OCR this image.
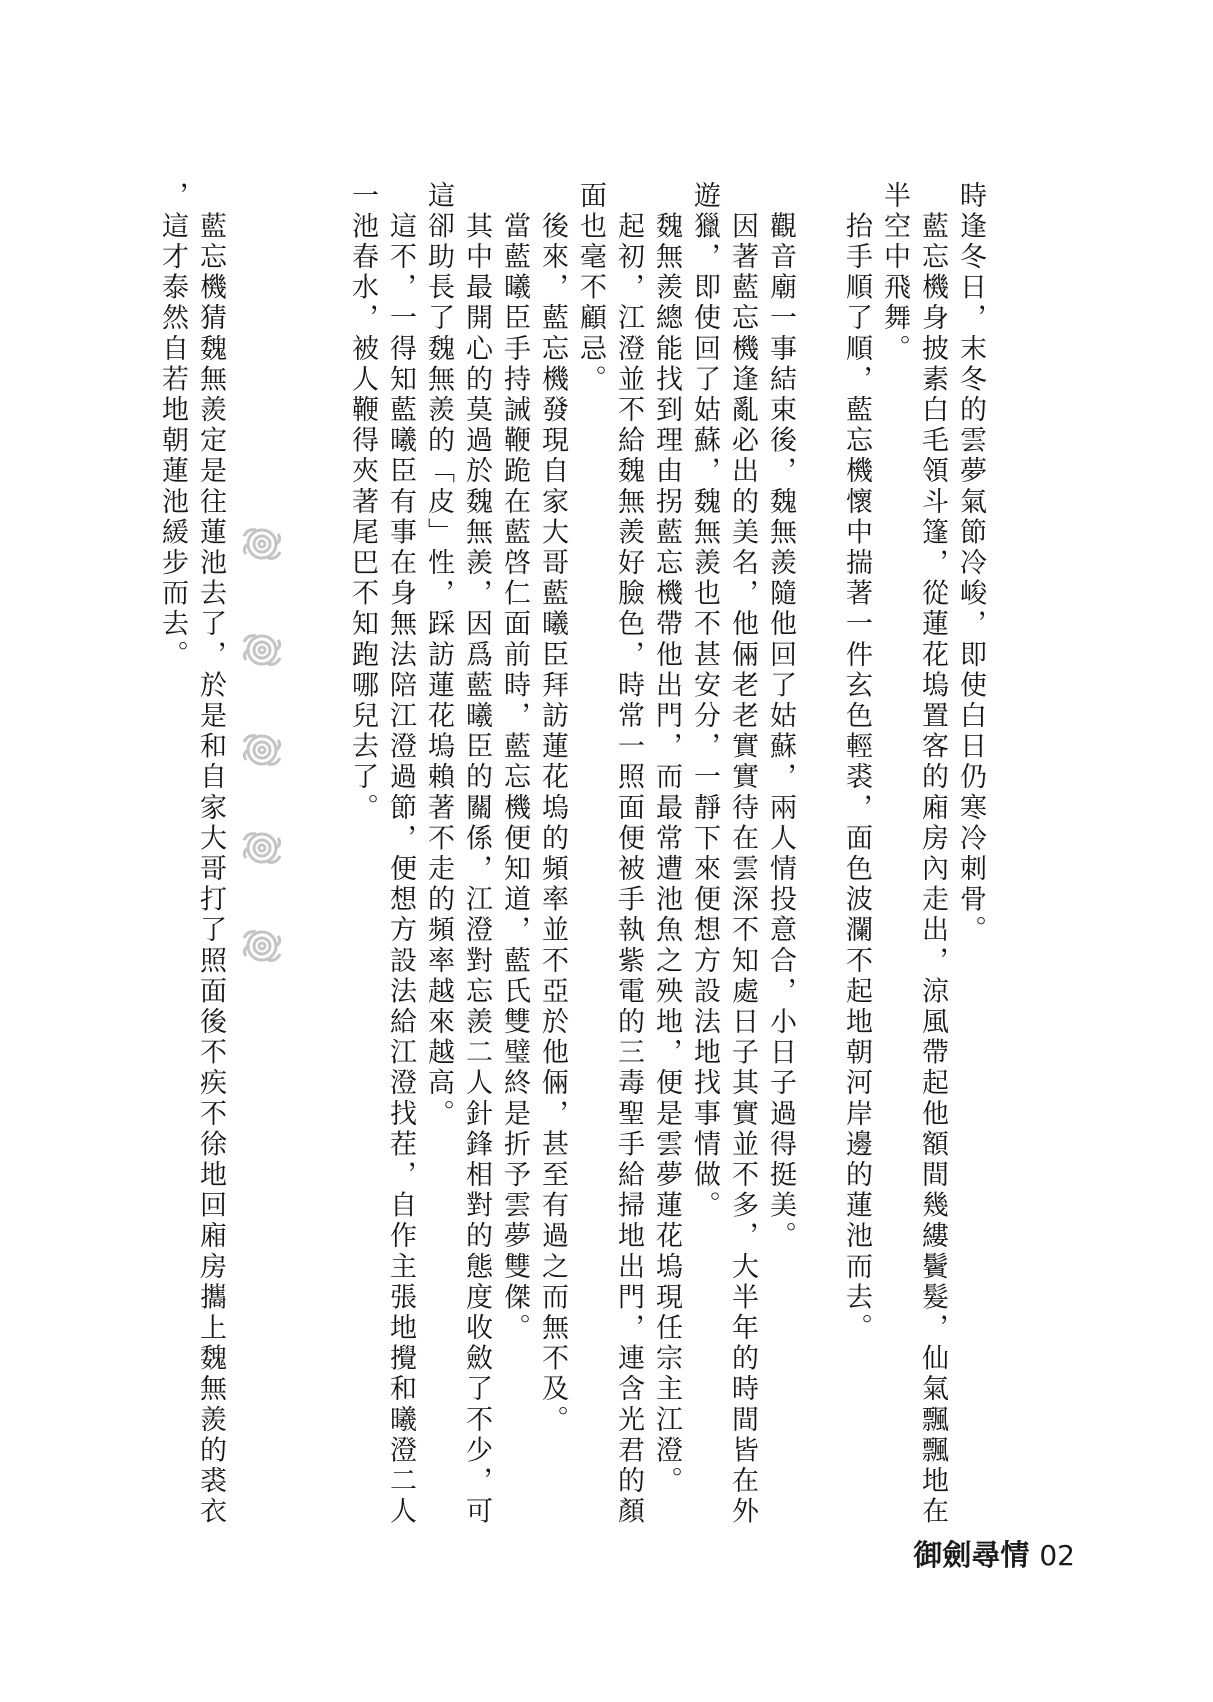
時逢冬日，末冬的雲夢氣節冷峻，即使白日仍寒冷刺骨。
　藍忘機身披素白毛領斗篷，從蓮花塢置客的廂房內走出，涼風帶起他額間幾縷鬢髮，仙氣飄飄地在
半空中飛舞。
　抬手順了順，藍忘機懷中揣著一件玄色輕裘，面色波瀾不起地朝河岸邊的蓮池而去。
　觀音廟一事結束後，魏無羨隨他回了姑蘇，兩人情投意合，小日子過得挺美。
　因著藍忘機逢亂必出的美名，他倆老老實實待在雲深不知處日子其實並不多，大半年的時間皆在外
遊獵，即使回了姑蘇，魏無羨也不甚安分，一靜下來便想方設法地找事情做。
　魏無羨總能找到理由拐藍忘機帶他出門，而最常遭池魚之殃地，便是雲夢蓮花塢現任宗主江澄。
　起初，江澄並不給魏無羨好臉色，時常一照面便被手執紫電的三毒聖手給掃地出門，連含光君的顏
面也毫不顧忌。
　後來，藍忘機發現自家大哥藍曦臣拜訪蓮花塢的頻率並不亞於他倆，甚至有過之而無不及。
　當藍曦臣手持誡鞭跪在藍啓仁面前時，藍忘機便知道，藍氏雙璧終是折予雲夢雙傑。
　其中最開心的莫過於魏無羨，因爲藍曦臣的關係，江澄對忘羨二人針鋒相對的態度收斂了不少，可
這卻助長了魏無羨的「皮」性，踩訪蓮花塢賴著不走的頻率越來越高。
　這不，一得知藍曦臣有事在身無法陪江澄過節，便想方設法給江澄找茬，自作主張地攪和曦澄二人
一池春水，被人鞭得夾著尾巴不知跑哪兒去了。
　藍忘機猜魏無羨定是往蓮池去了，於是和自家大哥打了照面後不疾不徐地回廂房攜上魏無羨的裘衣
，這才泰然自若地朝蓮池緩步而去。
御劍尋情 02
